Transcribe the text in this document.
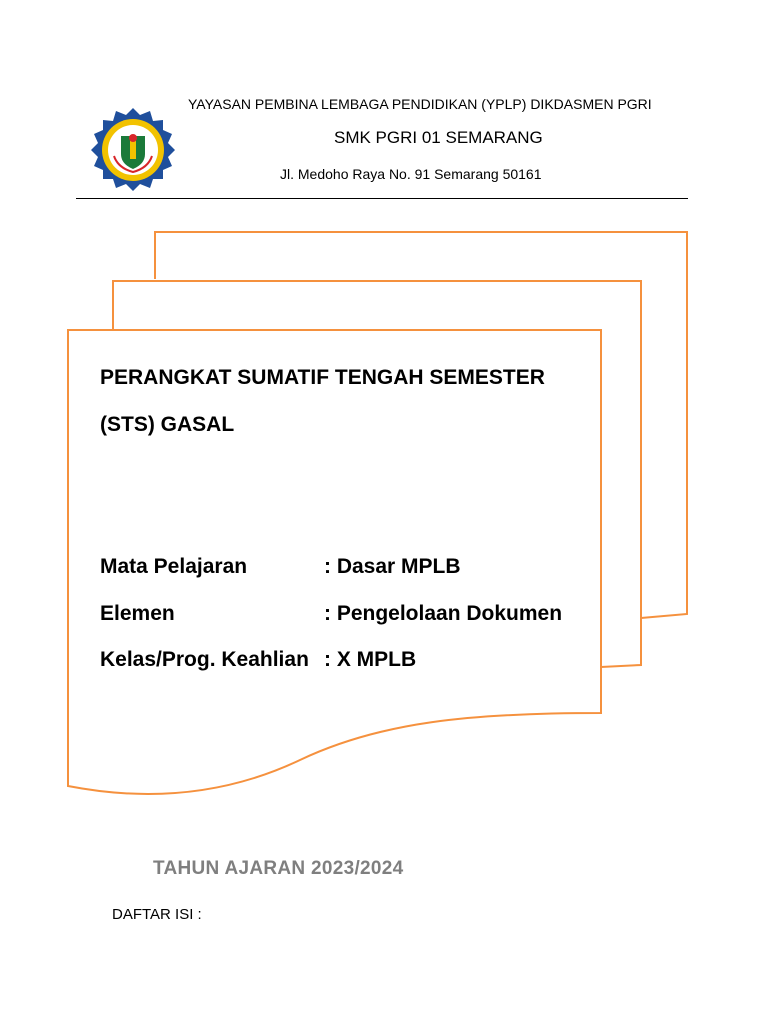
YAYASAN PEMBINA LEMBAGA PENDIDIKAN (YPLP) DIKDASMEN PGRI
SMK PGRI 01 SEMARANG
Jl. Medoho Raya No. 91 Semarang 50161
PERANGKAT SUMATIF TENGAH SEMESTER
(STS) GASAL
Mata Pelajaran	: Dasar MPLB
Elemen	: Pengelolaan Dokumen
Kelas/Prog. Keahlian : X MPLB
TAHUN AJARAN 2023/2024
DAFTAR ISI :
